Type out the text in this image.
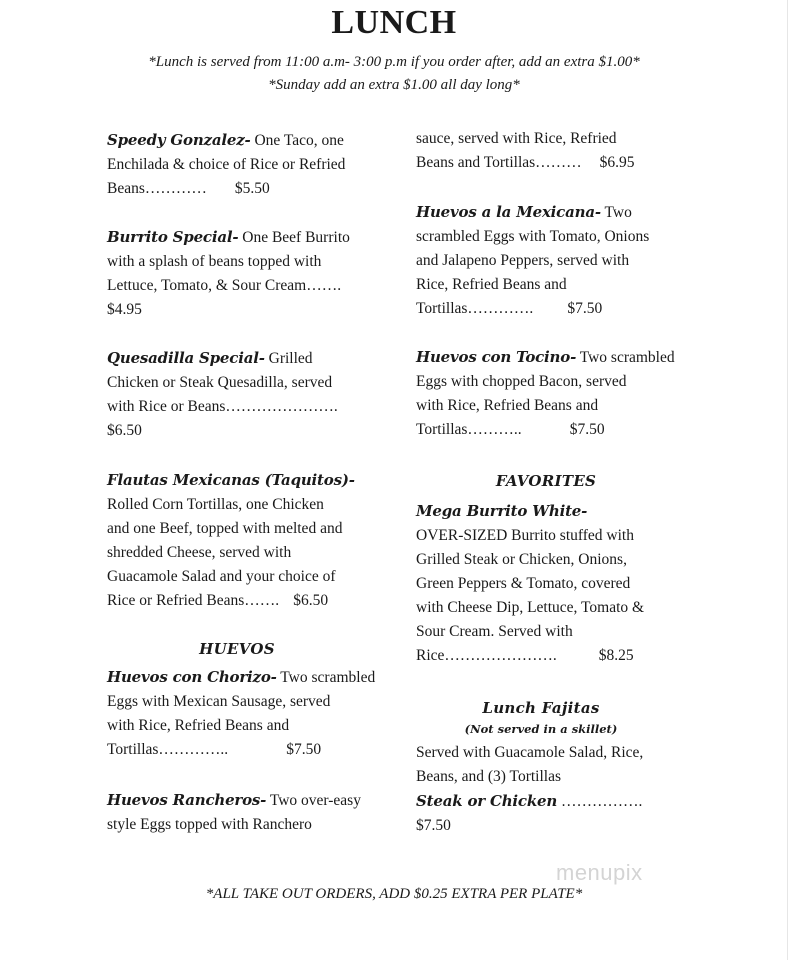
LUNCH
*Lunch is served from 11:00 a.m- 3:00 p.m if you order after, add an extra $1.00*
*Sunday add an extra $1.00 all day long*
Speedy Gonzalez- One Taco, one
Enchilada & choice of Rice or Refried
Beans………… $5.50
Burrito Special- One Beef Burrito
with a splash of beans topped with
Lettuce, Tomato, & Sour Cream…….
$4.95
Quesadilla Special- Grilled
Chicken or Steak Quesadilla, served
with Rice or Beans………………….
$6.50
Flautas Mexicanas (Taquitos)-
Rolled Corn Tortillas, one Chicken
and one Beef, topped with melted and
shredded Cheese, served with
Guacamole Salad and your choice of
Rice or Refried Beans……. $6.50
HUEVOS
Huevos con Chorizo- Two scrambled
Eggs with Mexican Sausage, served
with Rice, Refried Beans and
Tortillas…………..	$7.50
Huevos Rancheros- Two over-easy
style Eggs topped with Ranchero
sauce, served with Rice, Refried
Beans and Tortillas……… $6.95
Huevos a la Mexicana- Two
scrambled Eggs with Tomato, Onions
and Jalapeno Peppers, served with
Rice, Refried Beans and
Tortillas…………. $7.50
Huevos con Tocino- Two scrambled
Eggs with chopped Bacon, served
with Rice, Refried Beans and
Tortillas………..	$7.50
FAVORITES
Mega Burrito White-
OVER-SIZED Burrito stuffed with
Grilled Steak or Chicken, Onions,
Green Peppers & Tomato, covered
with Cheese Dip, Lettuce, Tomato &
Sour Cream. Served with
Rice………………….	$8.25
Lunch Fajitas
(Not served in a skillet)
Served with Guacamole Salad, Rice,
Beans, and (3) Tortillas
Steak or Chicken …………….
$7.50
menupix
*ALL TAKE OUT ORDERS, ADD $0.25 EXTRA PER PLATE*
